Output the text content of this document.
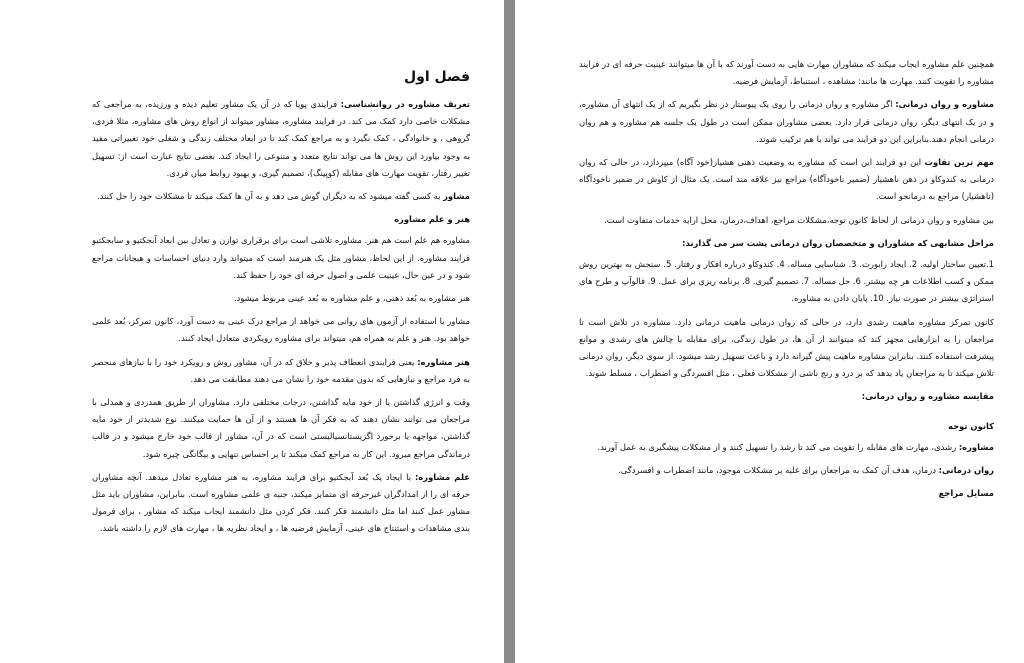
فصل اول

تعریف مشاوره در روانشناسی: فرایندی پویا که در آن یک مشاور تعلیم دیده و ورزیده، به مراجعی که مشکلات خاصی دارد کمک می کند. در فرایند مشاوره، مشاور میتواند از انواع روش های مشاوره، مثلا فردی، گروهی ، و خانوادگی ، کمک بگیرد و به مراجع کمک کند تا در ابعاد مختلف زندگی و شغلی خود تغییراتی مفید به وجود بیاورد این روش ها می تواند نتایج متعدد و متنوعی را ایجاد کند. بعضی نتایج عبارت است از: تسهیل تغییر رفتار، تقویت مهارت های مقابله (کوپینگ)، تصمیم گیری، و بهبود روابط میان فردی.

مشاور به کسی گفته میشود که به دیگران گوش می دهد و به آن ها کمک میکند تا مشکلات خود را حل کنند.

هنر و علم مشاوره

مشاوره هم علم است هم هنر. مشاوره تلاشی است برای برقراری توازن و تعادل بین ابعاد آبجکتیو و سابجکتیو فرایند مشاوره. از این لحاظ، مشاور مثل یک هنرمند است که میتواند وارد دنیای احساسات و هیجانات مراجع شود و در عین حال، عینیت علمی و اصول حرفه ای خود را حفظ کند.

هنر مشاوره به بُعد ذهنی، و علم مشاوره به بُعد عینی مربوط میشود.

مشاور با استفاده از آزمون های روانی می خواهد از مراجع درک عینی به دست آورد، کانون تمرکز، بُعد علمی خواهد بود. هنر و علم به همراه هم، میتواند برای مشاوره رویکردی متعادل ایجاد کنند.

هنر مشاوره: یعنی فرایندی انعطاف پذیر و خلاق که در آن، مشاور روش و رویکرد خود را با نیازهای منحصر به فرد مراجع و نیازهایی که بدون مقدمه خود را نشان می دهند مطابقت می دهد.

وقت و انرژی گذاشتن یا از خود مایه گذاشتن، درجات مختلفی دارد. مشاوران از طریق همدردی و همدلی با مراجعان می توانند نشان دهند که به فکر آن ها هستند و از آن ها حمایت میکنند. نوع شدیدتر از خود مایه گذاشتن، مواجهه یا برخورد اگزیستانسیالیستی است که در آن، مشاور از قالب خود خارج میشود و در قالب درماندگی مراجع میرود. این کار به مراجع کمک میکند تا بر احساس تنهایی و بیگانگی چیره شود.

علم مشاوره: با ایجاد یک بُعد آبجکتیو برای فرایند مشاوره، به هنر مشاوره تعادل میدهد. آنچه مشاوران حرفه ای را از امدادگران غیرحرفه ای متمایز میکند، جنبه ی علمی مشاوره است. بنابراین، مشاوران باید مثل مشاور عمل کنند اما مثل دانشمند فکر کنند. فکر کردن مثل دانشمند ایجاب میکند که مشاور ، برای فرمول بندی مشاهدات و استنتاج های عینی، آزمایش فرضیه ها ، و ایجاد نظریه ها ، مهارت های لازم را داشته باشد.

همچنین علم مشاوره ایجاب میکند که مشاوران مهارت هایی به دست آورند که با آن ها میتوانند عینیت حرفه ای در فرایند مشاوره را تقویت کنند. مهارت ها مانند: مشاهده ، استنباط، آزمایش فرضیه.

مشاوره و روان درمانی: اگر مشاوره و روان درمانی را روی یک پیوستار در نظر بگیریم که از یک انتهای آن مشاوره، و در یک انتهای دیگر، روان درمانی قرار دارد. بعضی مشاوران ممکن است در طول یک جلسه هم مشاوره و هم روان درمانی انجام دهند.بنابراین این دو فرایند می تواند با هم ترکیب شوند.

مهم ترین تفاوت این دو فرایند این است که مشاوره به وضعیت ذهنی هشیار(خود آگاه) میپردازد، در حالی که روان درمانی به کندوکاو در ذهن ناهشیار (ضمیر ناخودآگاه) مراجع نیز علاقه مند است. یک مثال از کاوش در ضمیر ناخودآگاه (ناهشیار) مراجع به درمانجو است.

بین مشاوره و روان درمانی از لحاظ کانون توجه،مشکلات مراجع، اهداف،درمان، محل ارایه خدمات متفاوت است.

مراحل مشابهی که مشاوران و متخصصان روان درمانی پشت سر می گذارند:

1.تعیین ساختار اولیه. 2. ایجاد رابورت. 3. شناسایی مساله. 4. کندوکاو درباره افکار و رفتار. 5. سنجش به بهترین روش ممکن و کسب اطلاعات هر چه بیشتر. 6. حل مساله. 7. تصمیم گیری. 8. برنامه ریزی برای عمل. 9. فالوآپ و طرح های استراتژی بیشتر در صورت نیاز. 10. پایان دادن به مشاوره.

کانون تمرکز مشاوره ماهیت رشدی دارد، در حالی که روان درمانی ماهیت درمانی دارد. مشاوره در تلاش است تا مراجعان را به ابزارهایی مجهز کند که میتوانند از آن ها، در طول زندگی، برای مقابله با چالش های رشدی و موانع پیشرفت استفاده کنند. بنابراین مشاوره ماهیت پیش گیرانه دارد و باعث تسهیل رشد میشود. از سوی دیگر، روان درمانی تلاش میکند تا به مراجعان یاد بدهد که بر درد و رنج ناشی از مشکلات فعلی ، مثل افسردگی و اضطراب ، مسلط شوند.

مقایسه مشاوره و روان درمانی:
کانون توجه

مشاوره: رشدی، مهارت های مقابله را تقویت می کند تا رشد را تسهیل کنند و از مشکلات پیشگیری به عمل آورند.

روان درمانی: درمان، هدف آن کمک به مراجعان برای غلبه بر مشکلات موجود، مانند اضطراب و افسردگی.

مسایل مراجع
